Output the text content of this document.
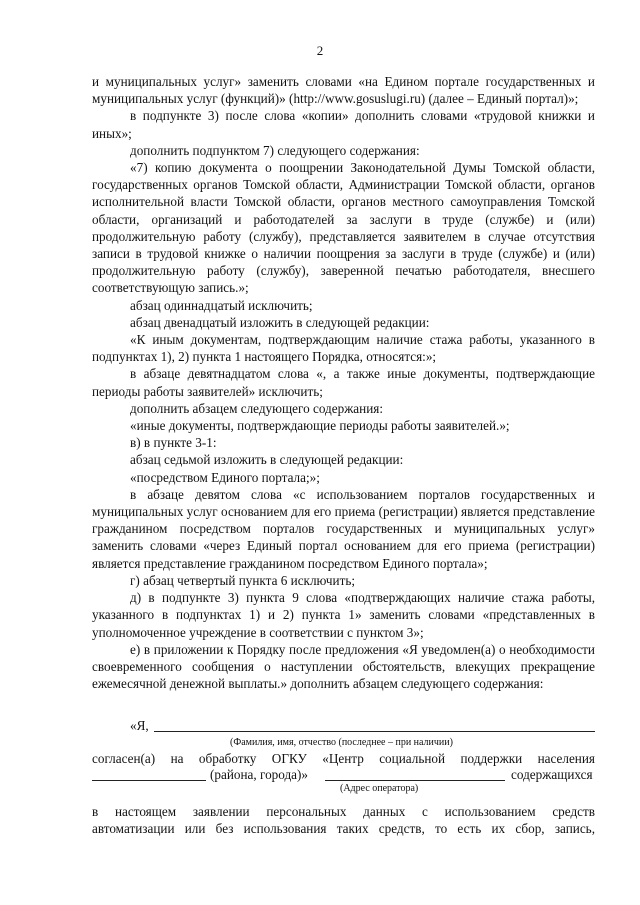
2

и муниципальных услуг» заменить словами «на Едином портале государственных и муниципальных услуг (функций)» (http://www.gosuslugi.ru) (далее – Единый портал)»;

в подпункте 3) после слова «копии» дополнить словами «трудовой книжки и иных»;

дополнить подпунктом 7) следующего содержания:

«7) копию документа о поощрении Законодательной Думы Томской области, государственных органов Томской области, Администрации Томской области, органов исполнительной власти Томской области, органов местного самоуправления Томской области, организаций и работодателей за заслуги в труде (службе) и (или) продолжительную работу (службу), представляется заявителем в случае отсутствия записи в трудовой книжке о наличии поощрения за заслуги в труде (службе) и (или) продолжительную работу (службу), заверенной печатью работодателя, внесшего соответствующую запись.»;

абзац одиннадцатый исключить;

абзац двенадцатый изложить в следующей редакции:

«К иным документам, подтверждающим наличие стажа работы, указанного в подпунктах 1), 2) пункта 1 настоящего Порядка, относятся:»;

в абзаце девятнадцатом слова «, а также иные документы, подтверждающие периоды работы заявителей» исключить;

дополнить абзацем следующего содержания:

«иные документы, подтверждающие периоды работы заявителей.»;

в) в пункте 3-1:

абзац седьмой изложить в следующей редакции:

«посредством Единого портала;»;

в абзаце девятом слова «с использованием порталов государственных и муниципальных услуг основанием для его приема (регистрации) является представление гражданином посредством порталов государственных и муниципальных услуг» заменить словами «через Единый портал основанием для его приема (регистрации) является представление гражданином посредством Единого портала»;

г) абзац четвертый пункта 6 исключить;

д) в подпункте 3) пункта 9 слова «подтверждающих наличие стажа работы, указанного в подпунктах 1) и 2) пункта 1» заменить словами «представленных в уполномоченное учреждение в соответствии с пунктом 3»;

е) в приложении к Порядку после предложения «Я уведомлен(а) о необходимости своевременного сообщения о наступлении обстоятельств, влекущих прекращение ежемесячной денежной выплаты.» дополнить абзацем следующего содержания:

«Я,
(Фамилия, имя, отчество (последнее – при наличии)
согласен(а) на обработку ОГКУ «Центр социальной поддержки населения
(района, города)»	содержащихся
(Адрес оператора)
в настоящем заявлении персональных данных с использованием средств
автоматизации или без использования таких средств, то есть их сбор, запись,
